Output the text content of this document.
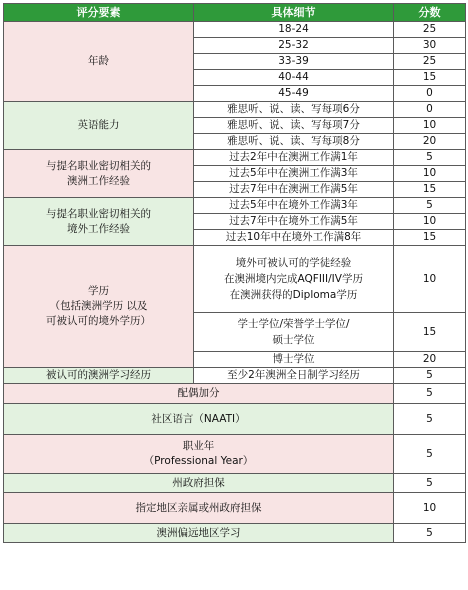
评分要素	具体细节	分数
年龄	18-24	25
	25-32	30
	33-39	25
	40-44	15
	45-49	0
英语能力	雅思听、说、读、写每项6分	0
	雅思听、说、读、写每项7分	10
	雅思听、说、读、写每项8分	20
与提名职业密切相关的
澳洲工作经验	过去2年中在澳洲工作满1年	5
	过去5年中在澳洲工作满3年	10
	过去7年中在澳洲工作满5年	15
与提名职业密切相关的
境外工作经验	过去5年中在境外工作满3年	5
	过去7年中在境外工作满5年	10
	过去10年中在境外工作满8年	15
学历
（包括澳洲学历 以及
可被认可的境外学历）	境外可被认可的学徒经验
在澳洲境内完成AQFIII/IV学历
在澳洲获得的Diploma学历	10
	学士学位/荣誉学士学位/
硕士学位	15
	博士学位	20
被认可的澳洲学习经历	至少2年澳洲全日制学习经历	5
配偶加分		5
社区语言（NAATI）		5
职业年
（Professional Year）		5
州政府担保		5
指定地区亲属或州政府担保		10
澳洲偏远地区学习		5
